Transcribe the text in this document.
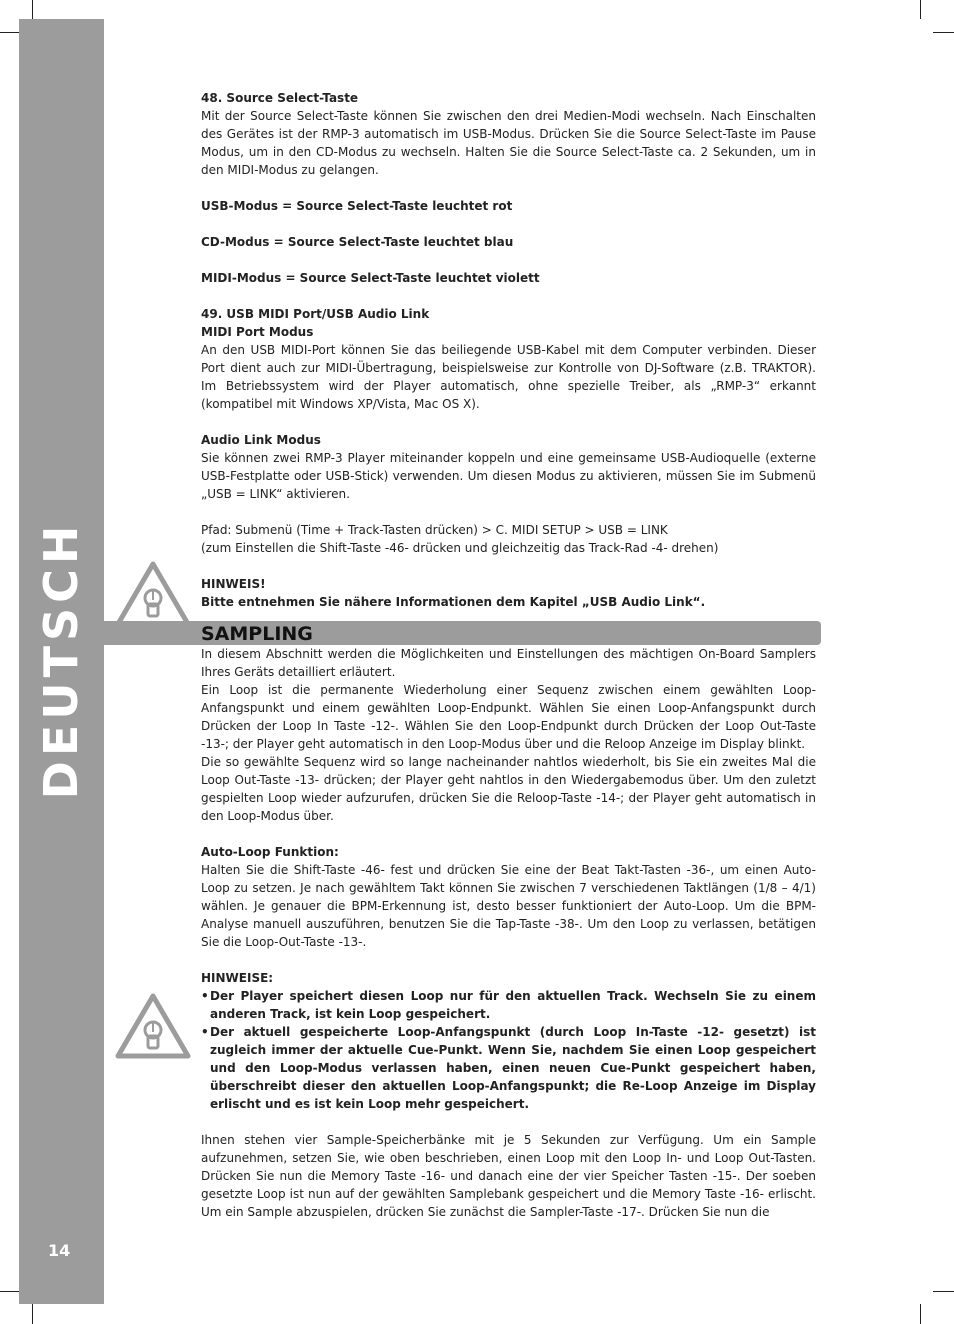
DEUTSCH
14

48. Source Select-Taste

Mit der Source Select-Taste können Sie zwischen den drei Medien-Modi wechseln. Nach Einschalten des Gerätes ist der RMP-3 automatisch im USB-Modus. Drücken Sie die Source Select-Taste im Pause Modus, um in den CD-Modus zu wechseln. Halten Sie die Source Select-Taste ca. 2 Sekunden, um in den MIDI-Modus zu gelangen.

USB-Modus = Source Select-Taste leuchtet rot

CD-Modus = Source Select-Taste leuchtet blau

MIDI-Modus = Source Select-Taste leuchtet violett

49. USB MIDI Port/USB Audio Link

MIDI Port Modus

An den USB MIDI-Port können Sie das beiliegende USB-Kabel mit dem Computer verbinden. Dieser Port dient auch zur MIDI-Übertragung, beispielsweise zur Kontrolle von DJ-Software (z.B. TRAKTOR). Im Betriebssystem wird der Player automatisch, ohne spezielle Treiber, als „RMP-3“ erkannt (kompatibel mit Windows XP/Vista, Mac OS X).

Audio Link Modus

Sie können zwei RMP-3 Player miteinander koppeln und eine gemeinsame USB-Audioquelle (externe USB-Festplatte oder USB-Stick) verwenden. Um diesen Modus zu aktivieren, müssen Sie im Submenü „USB = LINK“ aktivieren.

Pfad: Submenü (Time + Track-Tasten drücken) > C. MIDI SETUP > USB = LINK

(zum Einstellen die Shift-Taste -46- drücken und gleichzeitig das Track-Rad -4- drehen)

HINWEIS!

Bitte entnehmen Sie nähere Informationen dem Kapitel „USB Audio Link“.

SAMPLING

In diesem Abschnitt werden die Möglichkeiten und Einstellungen des mächtigen On-Board Samplers Ihres Geräts detailliert erläutert.

Ein Loop ist die permanente Wiederholung einer Sequenz zwischen einem gewählten Loop-Anfangspunkt und einem gewählten Loop-Endpunkt. Wählen Sie einen Loop-Anfangspunkt durch Drücken der Loop In Taste -12-. Wählen Sie den Loop-Endpunkt durch Drücken der Loop Out-Taste -13-; der Player geht automatisch in den Loop-Modus über und die Reloop Anzeige im Display blinkt.

Die so gewählte Sequenz wird so lange nacheinander nahtlos wiederholt, bis Sie ein zweites Mal die Loop Out-Taste -13- drücken; der Player geht nahtlos in den Wiedergabemodus über. Um den zuletzt gespielten Loop wieder aufzurufen, drücken Sie die Reloop-Taste -14-; der Player geht automatisch in den Loop-Modus über.

Auto-Loop Funktion:

Halten Sie die Shift-Taste -46- fest und drücken Sie eine der Beat Takt-Tasten -36-, um einen Auto-Loop zu setzen. Je nach gewähltem Takt können Sie zwischen 7 verschiedenen Taktlängen (1/8 – 4/1) wählen. Je genauer die BPM-Erkennung ist, desto besser funktioniert der Auto-Loop. Um die BPM-Analyse manuell auszuführen, benutzen Sie die Tap-Taste -38-. Um den Loop zu verlassen, betätigen Sie die Loop-Out-Taste -13-.

HINWEISE:

• Der Player speichert diesen Loop nur für den aktuellen Track. Wechseln Sie zu einem anderen Track, ist kein Loop gespeichert.
• Der aktuell gespeicherte Loop-Anfangspunkt (durch Loop In-Taste -12- gesetzt) ist zugleich immer der aktuelle Cue-Punkt. Wenn Sie, nachdem Sie einen Loop gespeichert und den Loop-Modus verlassen haben, einen neuen Cue-Punkt gespeichert haben, überschreibt dieser den aktuellen Loop-Anfangspunkt; die Re-Loop Anzeige im Display erlischt und es ist kein Loop mehr gespeichert.

Ihnen stehen vier Sample-Speicherbänke mit je 5 Sekunden zur Verfügung. Um ein Sample aufzunehmen, setzen Sie, wie oben beschrieben, einen Loop mit den Loop In- und Loop Out-Tasten. Drücken Sie nun die Memory Taste -16- und danach eine der vier Speicher Tasten -15-. Der soeben gesetzte Loop ist nun auf der gewählten Samplebank gespeichert und die Memory Taste -16- erlischt. Um ein Sample abzuspielen, drücken Sie zunächst die Sampler-Taste -17-. Drücken Sie nun die
